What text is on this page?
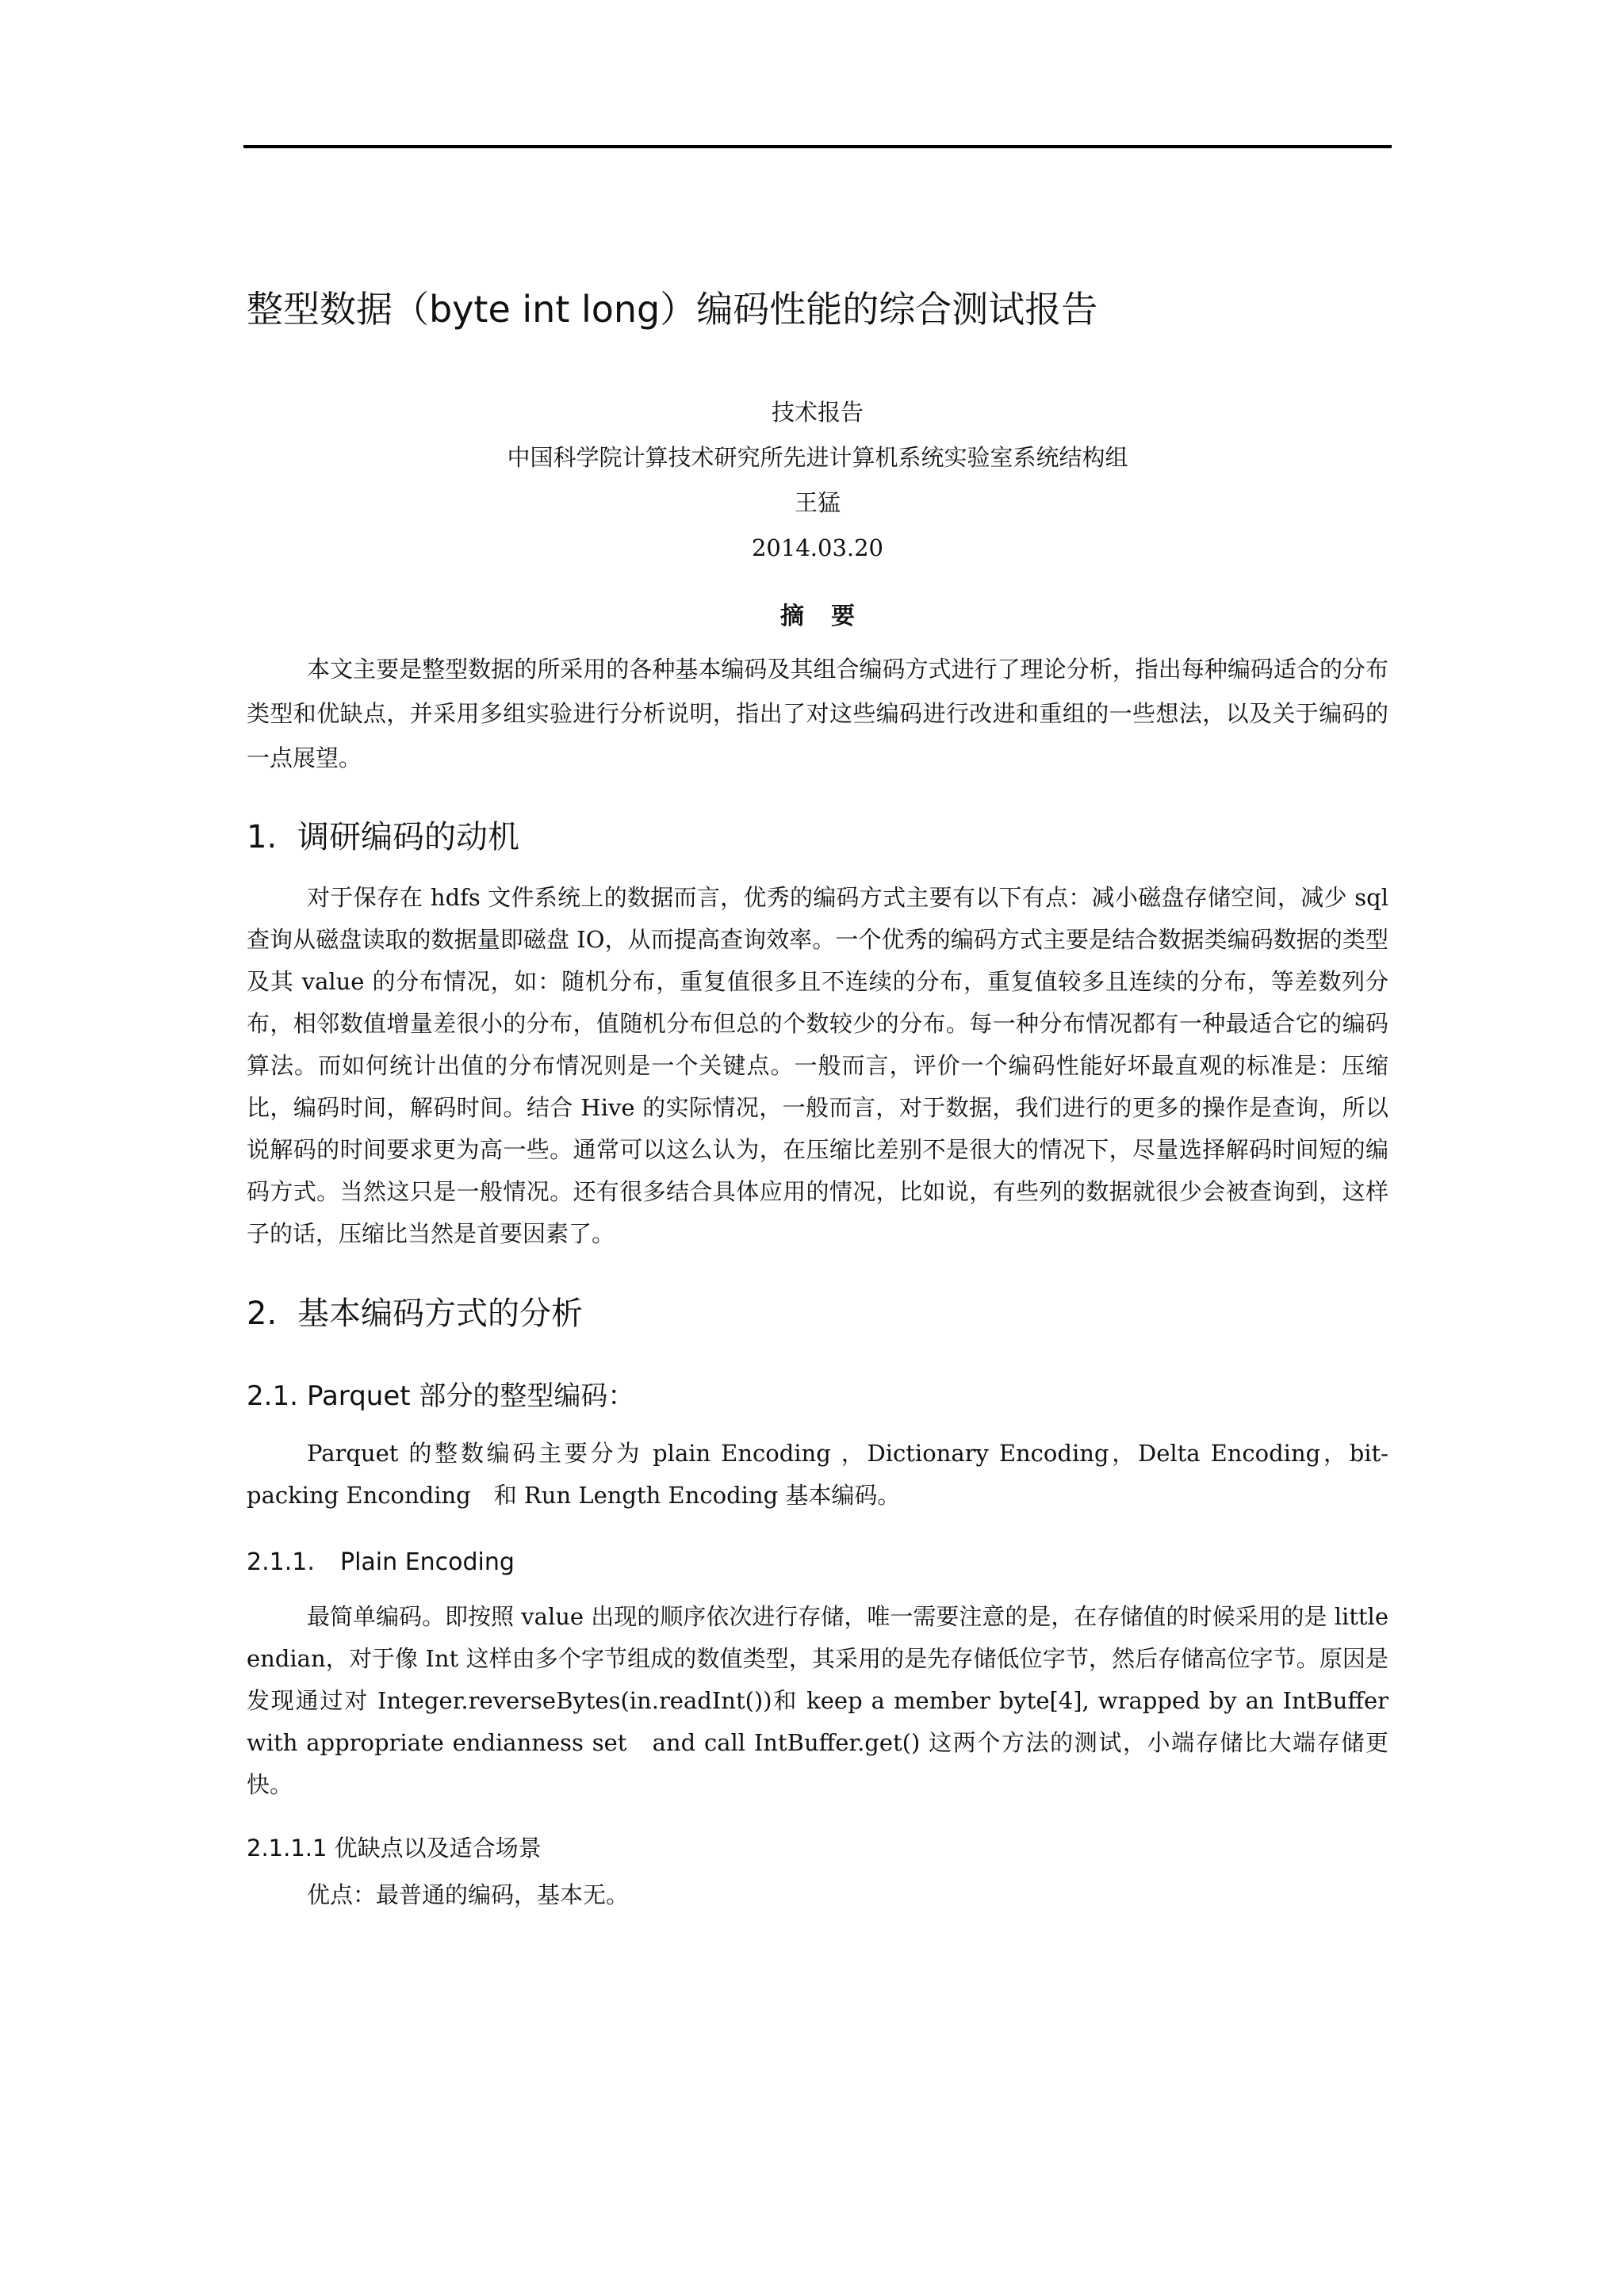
整型数据（byte int long）编码性能的综合测试报告
技术报告
中国科学院计算技术研究所先进计算机系统实验室系统结构组
王猛
2014.03.20
摘要

本文主要是整型数据的所采用的各种基本编码及其组合编码方式进行了理论分析，指出每种编码适合的分布类型和优缺点，并采用多组实验进行分析说明，指出了对这些编码进行改进和重组的一些想法，以及关于编码的一点展望。

1. 调研编码的动机

对于保存在 hdfs 文件系统上的数据而言，优秀的编码方式主要有以下有点：减小磁盘存储空间，减少 sql 查询从磁盘读取的数据量即磁盘 IO，从而提高查询效率。一个优秀的编码方式主要是结合数据类编码数据的类型及其 value 的分布情况，如：随机分布，重复值很多且不连续的分布，重复值较多且连续的分布，等差数列分布，相邻数值增量差很小的分布，值随机分布但总的个数较少的分布。每一种分布情况都有一种最适合它的编码算法。而如何统计出值的分布情况则是一个关键点。一般而言，评价一个编码性能好坏最直观的标准是：压缩比，编码时间，解码时间。结合 Hive 的实际情况，一般而言，对于数据，我们进行的更多的操作是查询，所以说解码的时间要求更为高一些。通常可以这么认为，在压缩比差别不是很大的情况下，尽量选择解码时间短的编码方式。当然这只是一般情况。还有很多结合具体应用的情况，比如说，有些列的数据就很少会被查询到，这样子的话，压缩比当然是首要因素了。

2. 基本编码方式的分析
2.1. Parquet 部分的整型编码：

Parquet 的整数编码主要分为 plain Encoding ，Dictionary Encoding，Delta Encoding，bit-packing Enconding　和 Run Length Encoding 基本编码。

2.1.1. Plain Encoding

最简单编码。即按照 value 出现的顺序依次进行存储，唯一需要注意的是，在存储值的时候采用的是 little endian，对于像 Int 这样由多个字节组成的数值类型，其采用的是先存储低位字节，然后存储高位字节。原因是发现通过对 Integer.reverseBytes(in.readInt())和 keep a member byte[4], wrapped by an IntBuffer with appropriate endianness set　and call IntBuffer.get() 这两个方法的测试，小端存储比大端存储更快。

2.1.1.1 优缺点以及适合场景

优点：最普通的编码，基本无。
